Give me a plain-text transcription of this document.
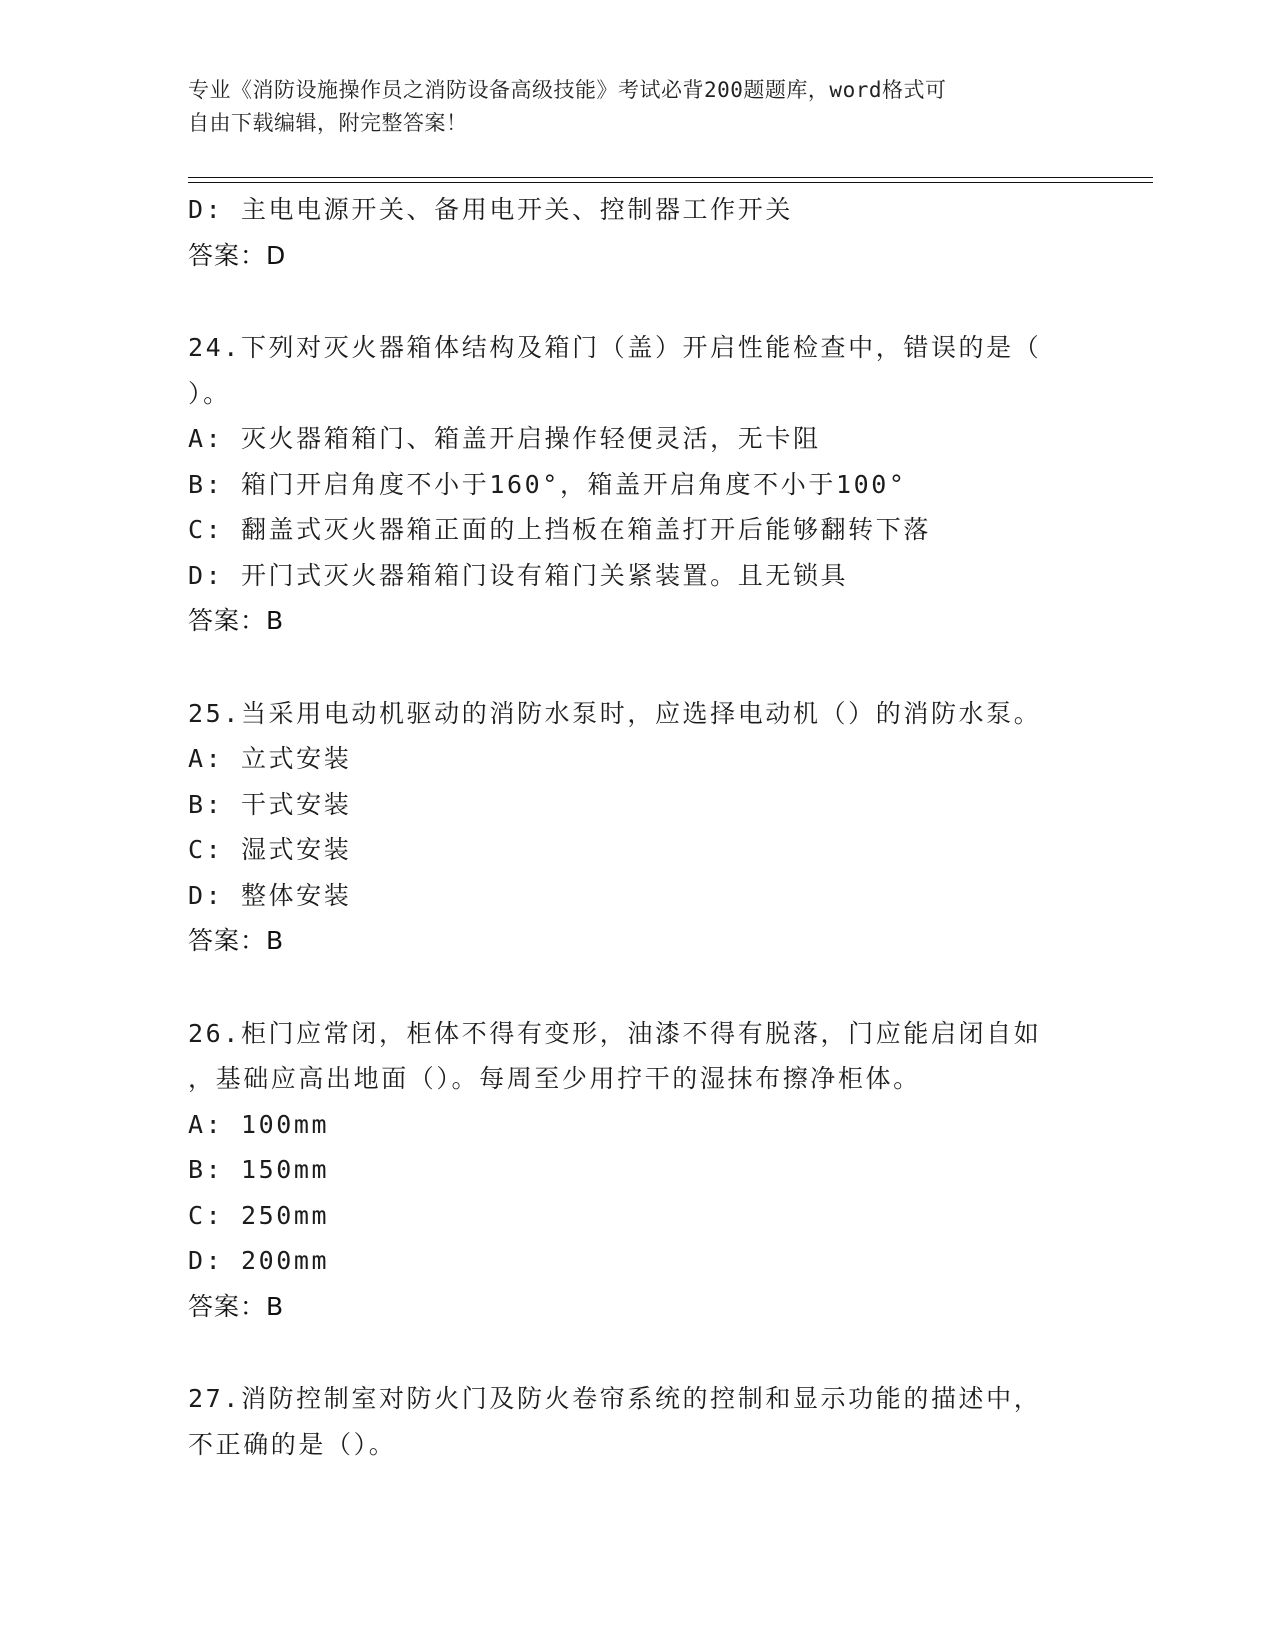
专业《消防设施操作员之消防设备高级技能》考试必背200题题库，word格式可
自由下载编辑，附完整答案！
D: 主电电源开关、备用电开关、控制器工作开关
答案：D
24.下列对灭火器箱体结构及箱门（盖）开启性能检查中，错误的是（
）。
A: 灭火器箱箱门、箱盖开启操作轻便灵活，无卡阻
B: 箱门开启角度不小于160°，箱盖开启角度不小于100°
C: 翻盖式灭火器箱正面的上挡板在箱盖打开后能够翻转下落
D: 开门式灭火器箱箱门设有箱门关紧装置。且无锁具
答案：B
25.当采用电动机驱动的消防水泵时，应选择电动机（）的消防水泵。
A: 立式安装
B: 干式安装
C: 湿式安装
D: 整体安装
答案：B
26.柜门应常闭，柜体不得有变形，油漆不得有脱落，门应能启闭自如
，基础应高出地面（）。每周至少用拧干的湿抹布擦净柜体。
A: 100mm
B: 150mm
C: 250mm
D: 200mm
答案：B
27.消防控制室对防火门及防火卷帘系统的控制和显示功能的描述中，
不正确的是（）。
